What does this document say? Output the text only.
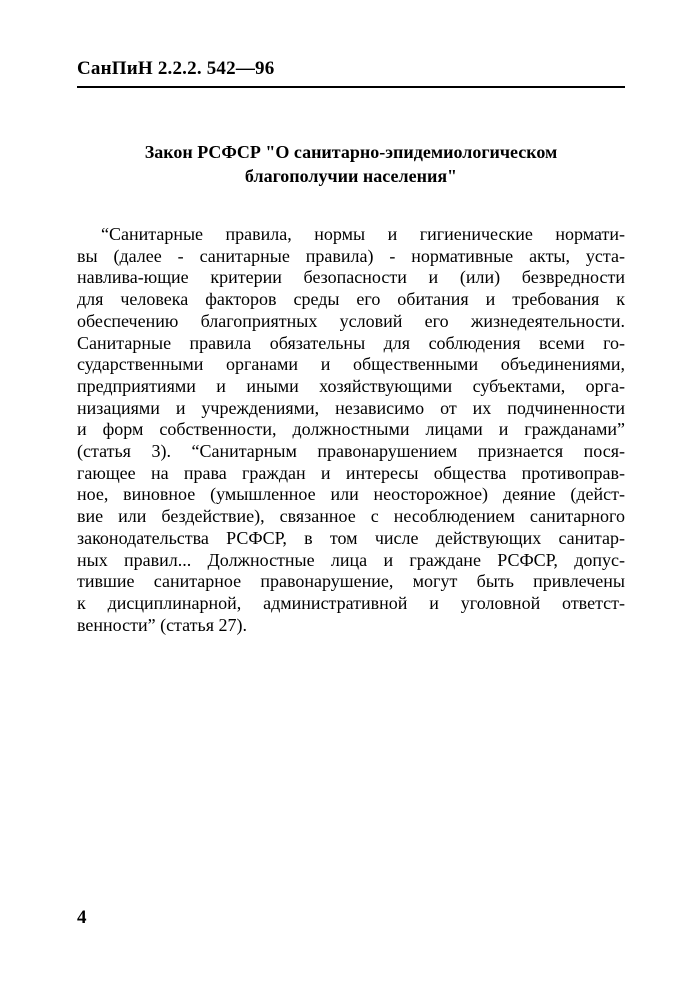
СанПиН 2.2.2. 542—96
Закон РСФСР "О санитарно-эпидемиологическом
благополучии населения"
“Санитарные правила, нормы и гигиенические нормати-
вы (далее - санитарные правила) - нормативные акты, уста-
навлива-ющие критерии безопасности и (или) безвредности
для человека факторов среды его обитания и требования к
обеспечению благоприятных условий его жизнедеятельности.
Санитарные правила обязательны для соблюдения всеми го-
сударственными органами и общественными объединениями,
предприятиями и иными хозяйствующими субъектами, орга-
низациями и учреждениями, независимо от их подчиненности
и форм собственности, должностными лицами и гражданами”
(статья 3). “Санитарным правонарушением признается пося-
гающее на права граждан и интересы общества противоправ-
ное, виновное (умышленное или неосторожное) деяние (дейст-
вие или бездействие), связанное с несоблюдением санитарного
законодательства РСФСР, в том числе действующих санитар-
ных правил... Должностные лица и граждане РСФСР, допус-
тившие санитарное правонарушение, могут быть привлечены
к дисциплинарной, административной и уголовной ответст-
венности” (статья 27).
4
